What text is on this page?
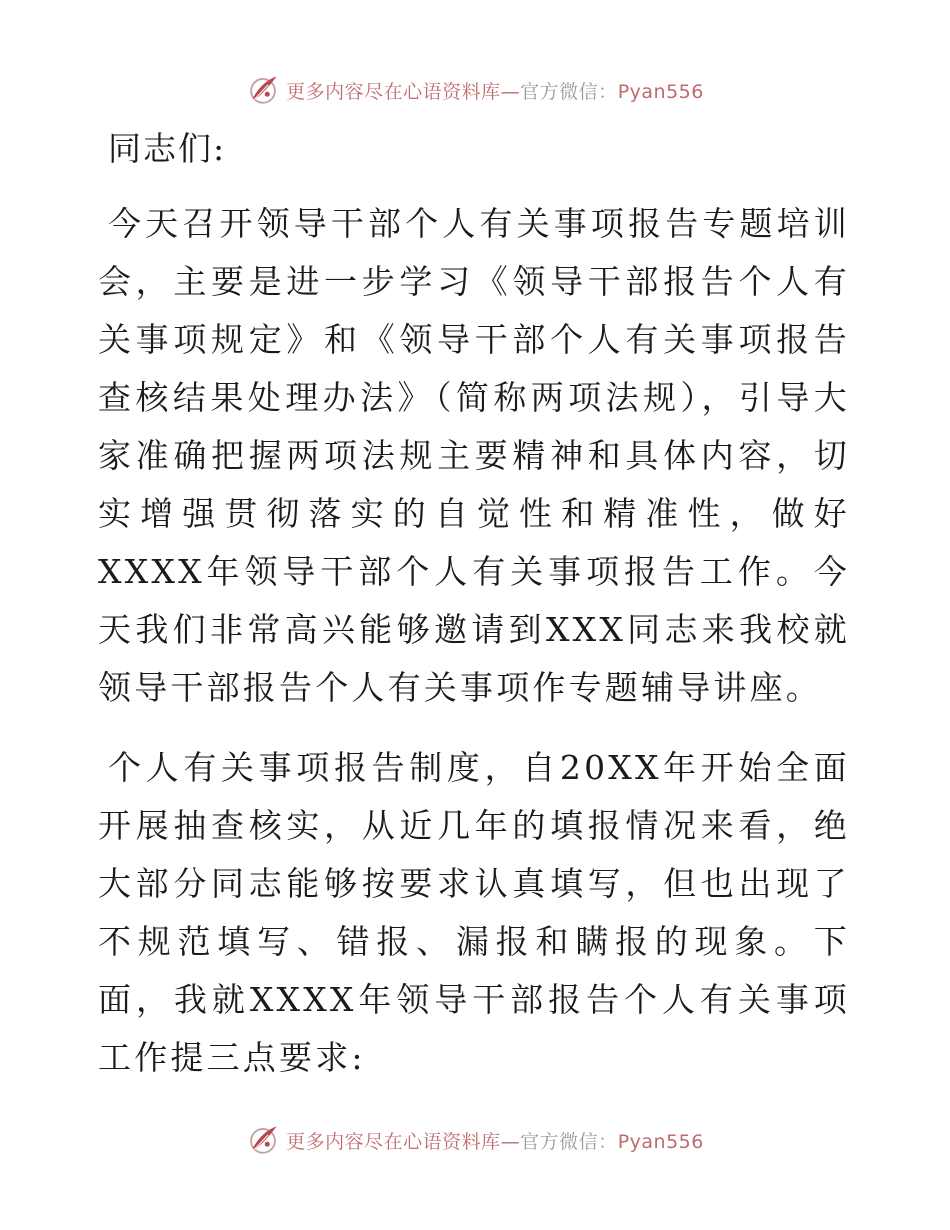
更多内容尽在心语资料库—官方微信：Pyan556

同志们:

今天召开领导干部个人有关事项报告专题培训会，主要是进一步学习《领导干部报告个人有关事项规定》和《领导干部个人有关事项报告查核结果处理办法》（简称两项法规），引导大家准确把握两项法规主要精神和具体内容，切实增强贯彻落实的自觉性和精准性，做好XXXX年领导干部个人有关事项报告工作。今天我们非常高兴能够邀请到XXX同志来我校就领导干部报告个人有关事项作专题辅导讲座。

个人有关事项报告制度，自20XX年开始全面开展抽查核实，从近几年的填报情况来看，绝大部分同志能够按要求认真填写，但也出现了不规范填写、错报、漏报和瞒报的现象。下面，我就XXXX年领导干部报告个人有关事项工作提三点要求:

更多内容尽在心语资料库—官方微信：Pyan556
